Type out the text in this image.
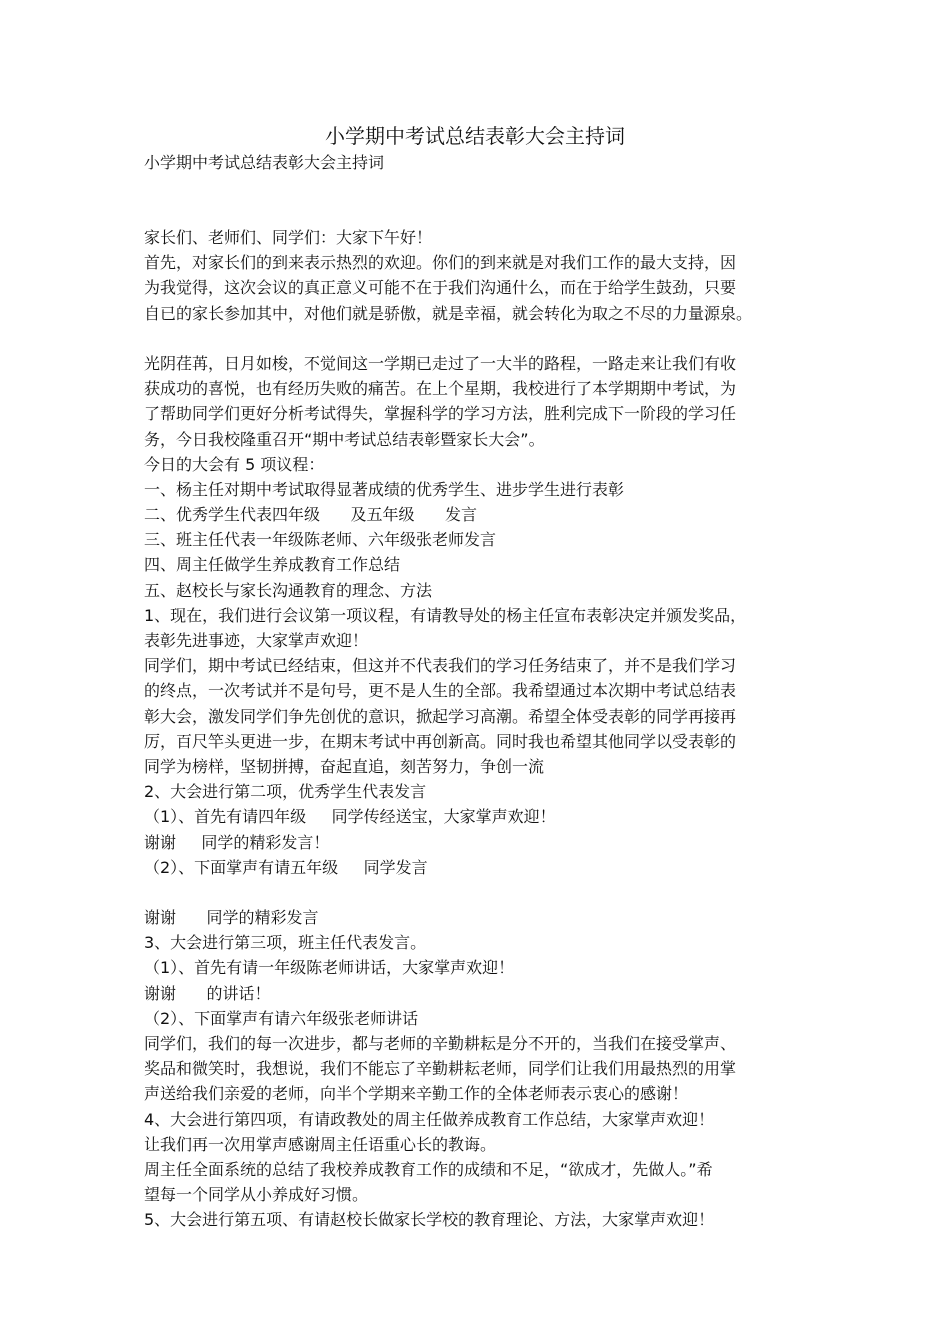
小学期中考试总结表彰大会主持词
小学期中考试总结表彰大会主持词
家长们、老师们、同学们：大家下午好！
首先，对家长们的到来表示热烈的欢迎。你们的到来就是对我们工作的最大支持，因
为我觉得，这次会议的真正意义可能不在于我们沟通什么，而在于给学生鼓劲，只要
自已的家长参加其中，对他们就是骄傲，就是幸福，就会转化为取之不尽的力量源泉。
光阴荏苒，日月如梭，不觉间这一学期已走过了一大半的路程，一路走来让我们有收
获成功的喜悦，也有经历失败的痛苦。在上个星期，我校进行了本学期期中考试，为
了帮助同学们更好分析考试得失，掌握科学的学习方法，胜利完成下一阶段的学习任
务，今日我校隆重召开“期中考试总结表彰暨家长大会”。
今日的大会有 5 项议程：
一、杨主任对期中考试取得显著成绩的优秀学生、进步学生进行表彰
二、优秀学生代表四年级      及五年级      发言
三、班主任代表一年级陈老师、六年级张老师发言
四、周主任做学生养成教育工作总结
五、赵校长与家长沟通教育的理念、方法
1、现在，我们进行会议第一项议程，有请教导处的杨主任宣布表彰决定并颁发奖品，
表彰先进事迹，大家掌声欢迎！
同学们，期中考试已经结束，但这并不代表我们的学习任务结束了，并不是我们学习
的终点，一次考试并不是句号，更不是人生的全部。我希望通过本次期中考试总结表
彰大会，激发同学们争先创优的意识，掀起学习高潮。希望全体受表彰的同学再接再
厉，百尺竿头更进一步，在期末考试中再创新高。同时我也希望其他同学以受表彰的
同学为榜样，坚韧拼搏，奋起直追，刻苦努力，争创一流
2、大会进行第二项，优秀学生代表发言
（1）、首先有请四年级     同学传经送宝，大家掌声欢迎！
谢谢     同学的精彩发言！
（2）、下面掌声有请五年级     同学发言
谢谢      同学的精彩发言
3、大会进行第三项，班主任代表发言。
（1）、首先有请一年级陈老师讲话，大家掌声欢迎！
谢谢      的讲话！
（2）、下面掌声有请六年级张老师讲话
同学们，我们的每一次进步，都与老师的辛勤耕耘是分不开的，当我们在接受掌声、
奖品和微笑时，我想说，我们不能忘了辛勤耕耘老师，同学们让我们用最热烈的用掌
声送给我们亲爱的老师，向半个学期来辛勤工作的全体老师表示衷心的感谢！
4、大会进行第四项，有请政教处的周主任做养成教育工作总结，大家掌声欢迎！
让我们再一次用掌声感谢周主任语重心长的教诲。
周主任全面系统的总结了我校养成教育工作的成绩和不足，“欲成才，先做人。”希
望每一个同学从小养成好习惯。
5、大会进行第五项、有请赵校长做家长学校的教育理论、方法，大家掌声欢迎！
